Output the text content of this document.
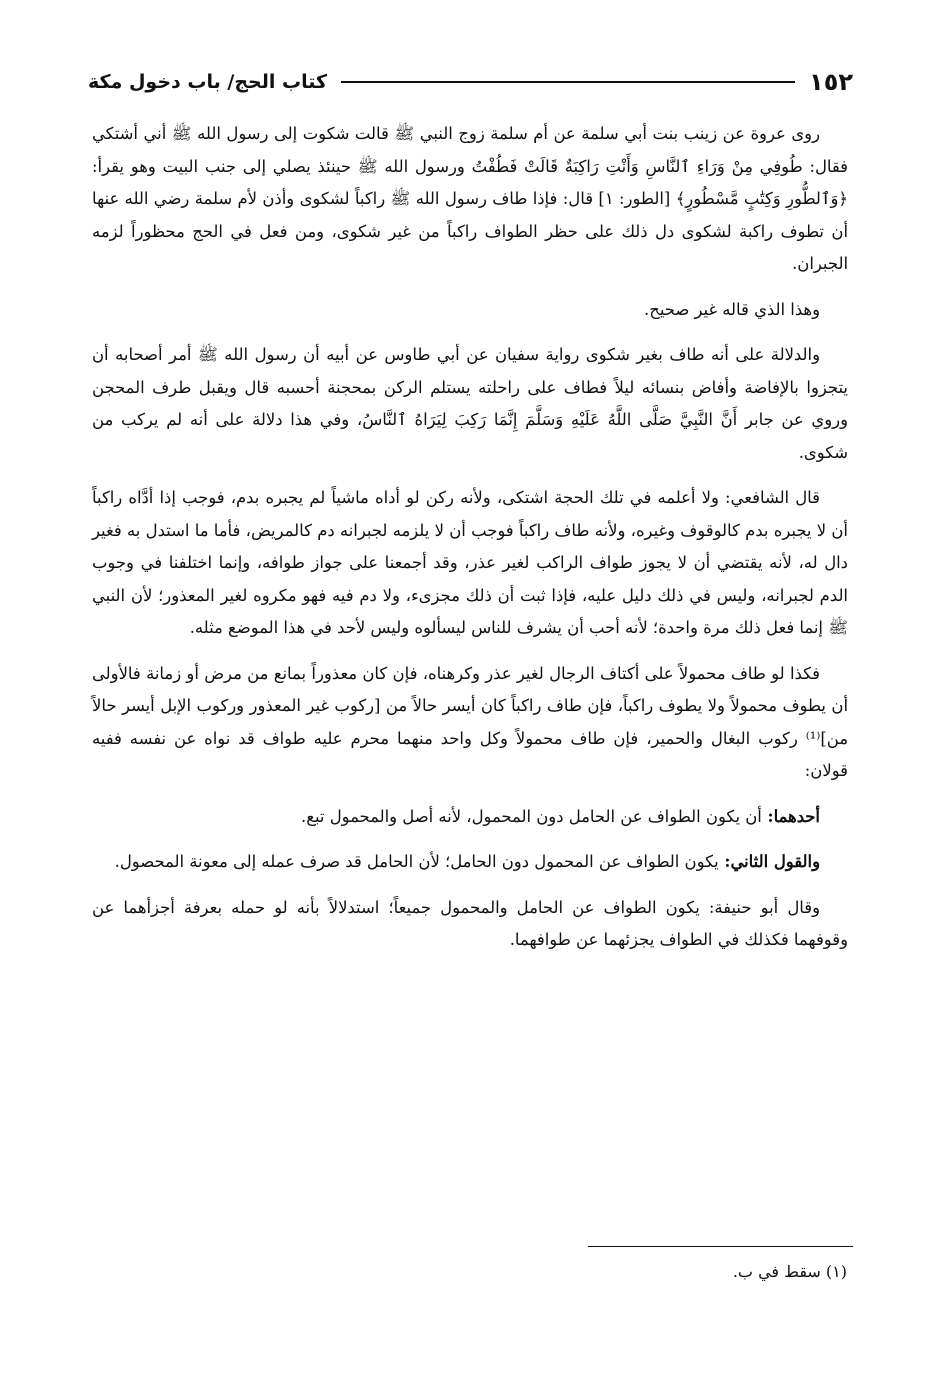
١٥٢
كتاب الحج/ باب دخول مكة

روى عروة عن زينب بنت أبي سلمة عن أم سلمة زوج النبي ﷺ قالت شكوت إلى رسول الله ﷺ أني أشتكي فقال: طُوفِي مِنْ وَرَاءِ ٱلنَّاسِ وَأَنْتِ رَاكِبَةٌ قَالَتْ فَطُفْتُ ورسول الله ﷺ حينئذ يصلي إلى جنب البيت وهو يقرأ: ﴿وَٱلطُّورِ وَكِتَٰبٍ مَّسْطُورٍ﴾ [الطور: ١] قال: فإذا طاف رسول الله ﷺ راكباً لشكوى وأذن لأم سلمة رضي الله عنها أن تطوف راكبة لشكوى دل ذلك على حظر الطواف راكباً من غير شكوى، ومن فعل في الحج محظوراً لزمه الجبران.

وهذا الذي قاله غير صحيح.

والدلالة على أنه طاف بغير شكوى رواية سفيان عن أبي طاوس عن أبيه أن رسول الله ﷺ أمر أصحابه أن يتجزوا بالإفاضة وأفاض بنسائه ليلاً فطاف على راحلته يستلم الركن بمحجنة أحسبه قال ويقبل طرف المحجن وروي عن جابر أَنَّ النَّبِيَّ صَلَّى اللَّهُ عَلَيْهِ وَسَلَّمَ إِنَّمَا رَكِبَ لِيَرَاهُ ٱلنَّاسُ، وفي هذا دلالة على أنه لم يركب من شكوى.

قال الشافعي: ولا أعلمه في تلك الحجة اشتكى، ولأنه ركن لو أداه ماشياً لم يجبره بدم، فوجب إذا أدَّاه راكباً أن لا يجبره بدم كالوقوف وغيره، ولأنه طاف راكباً فوجب أن لا يلزمه لجبرانه دم كالمريض، فأما ما استدل به فغير دال له، لأنه يقتضي أن لا يجوز طواف الراكب لغير عذر، وقد أجمعنا على جواز طوافه، وإنما اختلفنا في وجوب الدم لجبرانه، وليس في ذلك دليل عليه، فإذا ثبت أن ذلك مجزىء، ولا دم فيه فهو مكروه لغير المعذور؛ لأن النبي ﷺ إنما فعل ذلك مرة واحدة؛ لأنه أحب أن يشرف للناس ليسألوه وليس لأحد في هذا الموضع مثله.

فكذا لو طاف محمولاً على أكتاف الرجال لغير عذر وكرهناه، فإن كان معذوراً بمانع من مرض أو زمانة فالأولى أن يطوف محمولاً ولا يطوف راكباً، فإن طاف راكباً كان أيسر حالاً من [ركوب غير المعذور وركوب الإبل أيسر حالاً من]⁽¹⁾ ركوب البغال والحمير، فإن طاف محمولاً وكل واحد منهما محرم عليه طواف قد نواه عن نفسه ففيه قولان:

أحدهما: أن يكون الطواف عن الحامل دون المحمول، لأنه أصل والمحمول تبع.

والقول الثاني: يكون الطواف عن المحمول دون الحامل؛ لأن الحامل قد صرف عمله إلى معونة المحصول.

وقال أبو حنيفة: يكون الطواف عن الحامل والمحمول جميعاً؛ استدلالاً بأنه لو حمله بعرفة أجزأهما عن وقوفهما فكذلك في الطواف يجزئهما عن طوافهما.

(١) سقط في ب.
